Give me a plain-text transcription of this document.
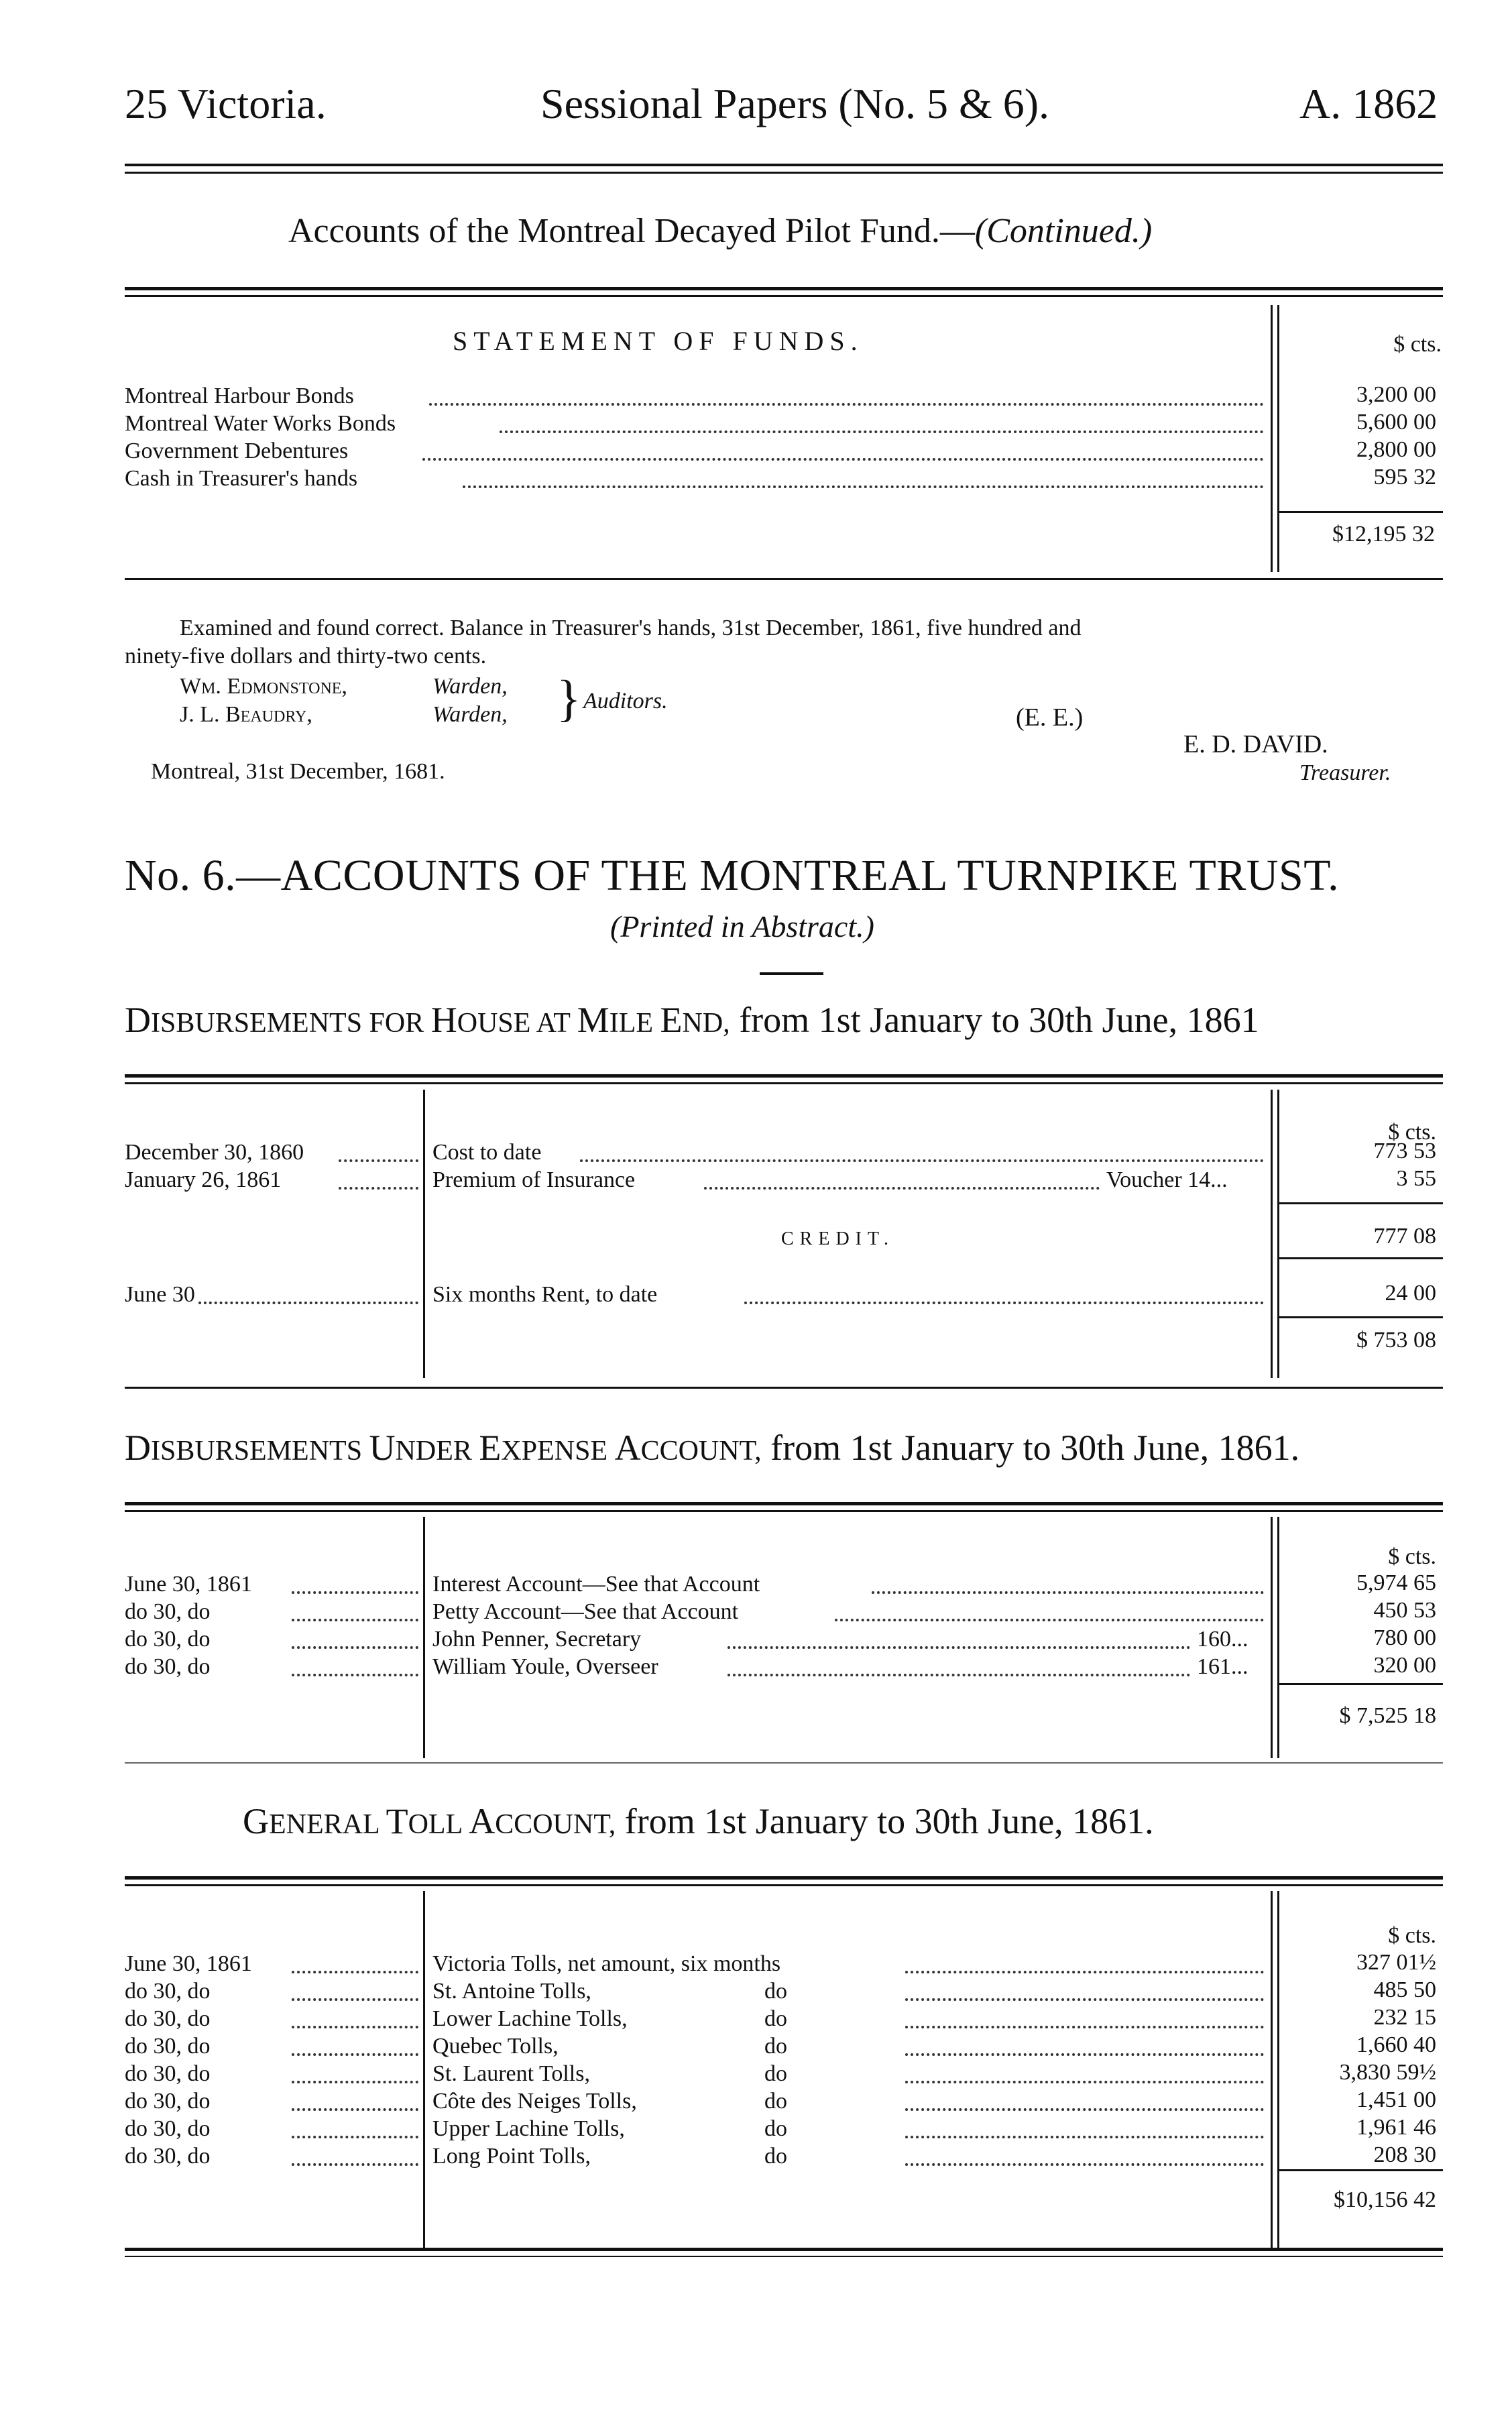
25 Victoria.	Sessional Papers (No. 5 & 6).	A. 1862
Accounts of the Montreal Decayed Pilot Fund.—(Continued.)
STATEMENT OF FUNDS.	$ cts.
Montreal Harbour Bonds	3,200 00
Montreal Water Works Bonds	5,600 00
Government Debentures	2,800 00
Cash in Treasurer's hands	595 32
$12,195 32
Examined and found correct. Balance in Treasurer's hands, 31st December, 1861, five hundred and
ninety-five dollars and thirty-two cents.
Wm. Edmonstone,	Warden,
J. L. Beaudry,	Warden, } Auditors.
(E. E.)
E. D. DAVID.
Montreal, 31st December, 1681.	Treasurer.
No. 6.—ACCOUNTS OF THE MONTREAL TURNPIKE TRUST.
(Printed in Abstract.)
DISBURSEMENTS FOR HOUSE AT MILE END, from 1st January to 30th June, 1861
$ cts.
December 30, 1860	Cost to date	773 53
January 26, 1861	Premium of Insurance	Voucher 14...	3 55
CREDIT.	777 08
June 30	Six months Rent, to date	24 00
$ 753 08
DISBURSEMENTS UNDER EXPENSE ACCOUNT, from 1st January to 30th June, 1861.
$ cts.
June 30, 1861	Interest Account—See that Account	5,974 65
do 30, do	Petty Account—See that Account	450 53
do 30, do	John Penner, Secretary	160...	780 00
do 30, do	William Youle, Overseer	161...	320 00
$ 7,525 18
GENERAL TOLL ACCOUNT, from 1st January to 30th June, 1861.
$ cts.
June 30, 1861	Victoria Tolls, net amount, six months	327 01½
do 30, do	St. Antoine Tolls,	do	485 50
do 30, do	Lower Lachine Tolls,	do	232 15
do 30, do	Quebec Tolls,	do	1,660 40
do 30, do	St. Laurent Tolls,	do	3,830 59½
do 30, do	Côte des Neiges Tolls,	do	1,451 00
do 30, do	Upper Lachine Tolls,	do	1,961 46
do 30, do	Long Point Tolls,	do	208 30
$10,156 42
